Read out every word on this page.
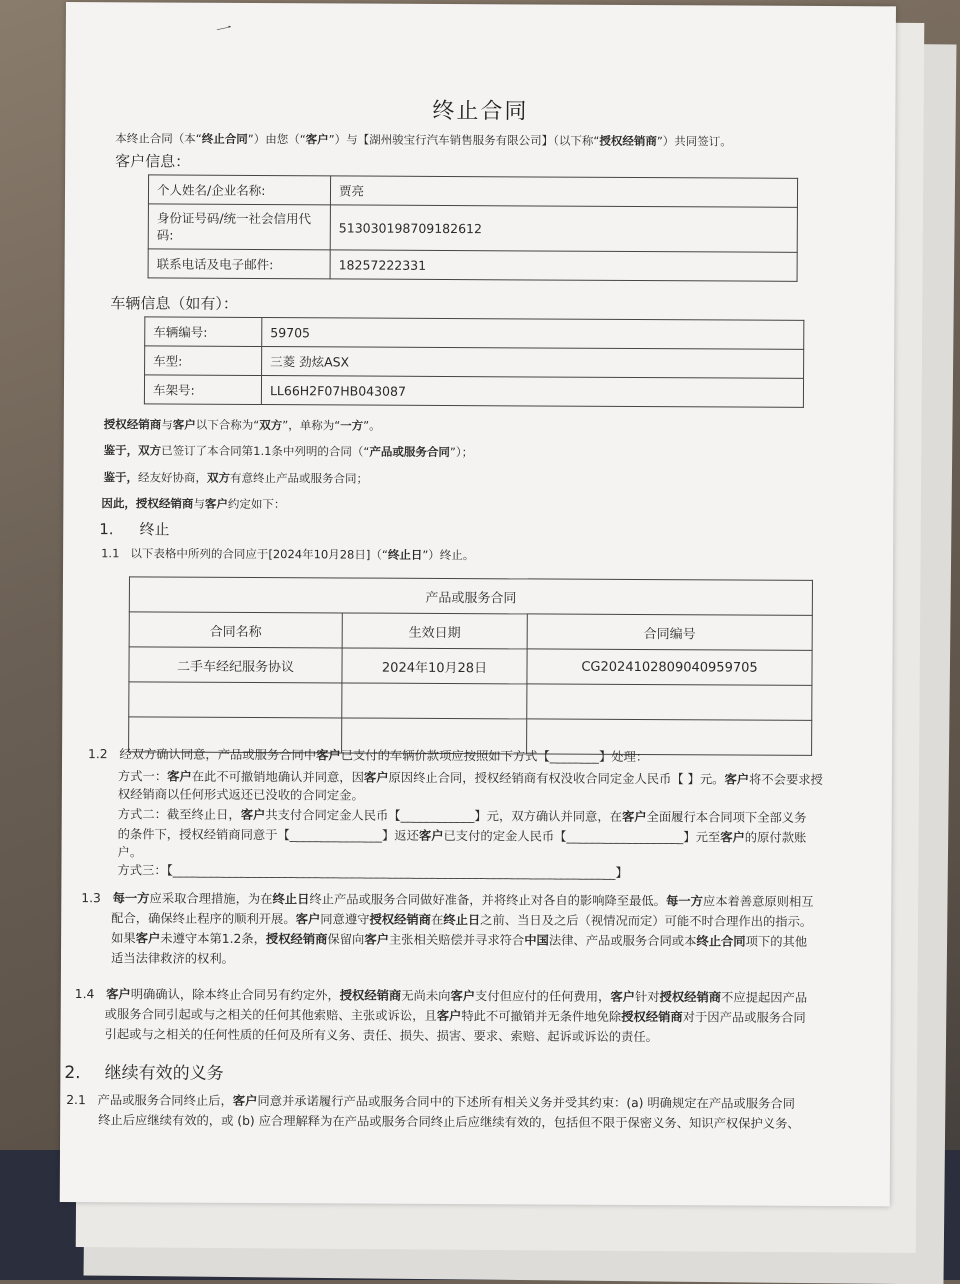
一
终止合同
本终止合同（本“终止合同”）由您（“客户”）与【湖州骏宝行汽车销售服务有限公司】（以下称“授权经销商”）共同签订。
客户信息：
个人姓名/企业名称:	贾亮
身份证号码/统一社会信用代码:	513030198709182612
联系电话及电子邮件:	18257222331
车辆信息（如有）：
车辆编号:	59705
车型:	三菱 劲炫ASX
车架号:	LL66H2F07HB043087
授权经销商与客户以下合称为“双方”，单称为“一方”。
鉴于，双方已签订了本合同第1.1条中列明的合同（“产品或服务合同”）；
鉴于，经友好协商，双方有意终止产品或服务合同；
因此，授权经销商与客户约定如下：
1. 终止
1.1 以下表格中所列的合同应于[2024年10月28日]（“终止日”）终止。
产品或服务合同		
合同名称	生效日期	合同编号
二手车经纪服务协议	2024年10月28日	CG20241028090409597​05

1.2 经双方确认同意，产品或服务合同中客户已支付的车辆价款项应按照如下方式【________】处理：
方式一：客户在此不可撤销地确认并同意，因客户原因终止合同，授权经销商有权没收合同定金人民币【 】元。客户将不会要求授
权经销商以任何形式返还已没收的合同定金。
方式二：截至终止日，客户共支付合同定金人民币【____________】元，双方确认并同意，在客户全面履行本合同项下全部义务
的条件下，授权经销商同意于【_______________】返还客户已支付的定金人民币【___________________】元至客户的原付款账
户。
方式三：【________________________________________________________________________】
1.3 每一方应采取合理措施，为在终止日终止产品或服务合同做好准备，并将终止对各自的影响降至最低。每一方应本着善意原则相互
配合，确保终止程序的顺利开展。客户同意遵守授权经销商在终止日之前、当日及之后（视情况而定）可能不时合理作出的指示。
如果客户未遵守本第1.2条，授权经销商保留向客户主张相关赔偿并寻求符合中国法律、产品或服务合同或本终止合同项下的其他
适当法律救济的权利。
1.4 客户明确确认，除本终止合同另有约定外，授权经销商无尚未向客户支付但应付的任何费用，客户针对授权经销商不应提起因产品
或服务合同引起或与之相关的任何其他索赔、主张或诉讼，且客户特此不可撤销并无条件地免除授权经销商对于因产品或服务合同
引起或与之相关的任何性质的任何及所有义务、责任、损失、损害、要求、索赔、起诉或诉讼的责任。
2. 继续有效的义务
2.1 产品或服务合同终止后，客户同意并承诺履行产品或服务合同中的下述所有相关义务并受其约束：(a) 明确规定在产品或服务合同
终止后应继续有效的，或 (b) 应合理解释为在产品或服务合同终止后应继续有效的，包括但不限于保密义务、知识产权保护义务、
